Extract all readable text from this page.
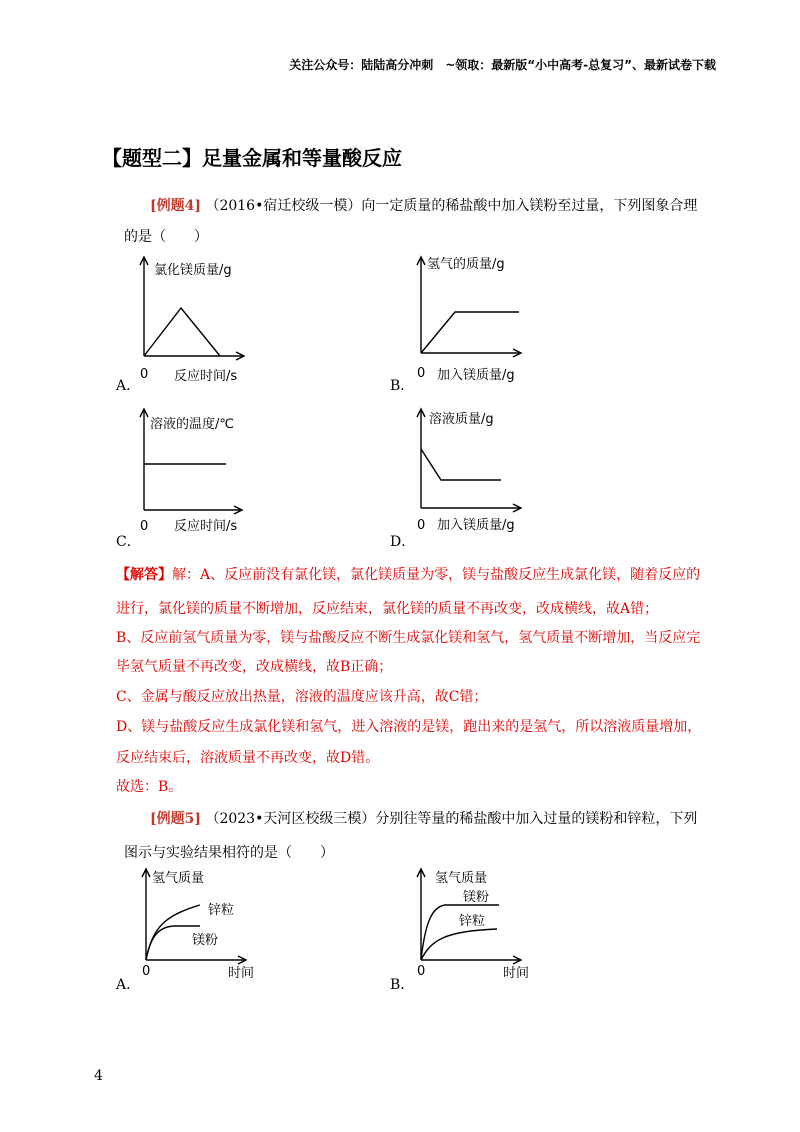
关注公众号：陆陆高分冲刺　~领取：最新版“小中高考-总复习”、最新试卷下载
【题型二】足量金属和等量酸反应
[例题4] （2016•宿迁校级一模）向一定质量的稀盐酸中加入镁粉至过量，下列图象合理
的是（　　）
氯化镁质量/g
0 反应时间/s
A．
氢气的质量/g
0 加入镁质量/g
B．
溶液的温度/℃
0 反应时间/s
C．
溶液质量/g
0 加入镁质量/g
D．
【解答】解：A、反应前没有氯化镁，氯化镁质量为零，镁与盐酸反应生成氯化镁，随着反应的
进行，氯化镁的质量不断增加，反应结束，氯化镁的质量不再改变，改成横线，故A错；
B、反应前氢气质量为零，镁与盐酸反应不断生成氯化镁和氢气，氢气质量不断增加，当反应完
毕氢气质量不再改变，改成横线，故B正确；
C、金属与酸反应放出热量，溶液的温度应该升高，故C错；
D、镁与盐酸反应生成氯化镁和氢气，进入溶液的是镁，跑出来的是氢气，所以溶液质量增加，
反应结束后，溶液质量不再改变，故D错。
故选：B。
[例题5] （2023•天河区校级三模）分别往等量的稀盐酸中加入过量的镁粉和锌粒，下列
图示与实验结果相符的是（　　）
氢气质量
锌粒
镁粉
0	时间
A．
氢气质量
镁粉
锌粒
0	时间
B．
4
